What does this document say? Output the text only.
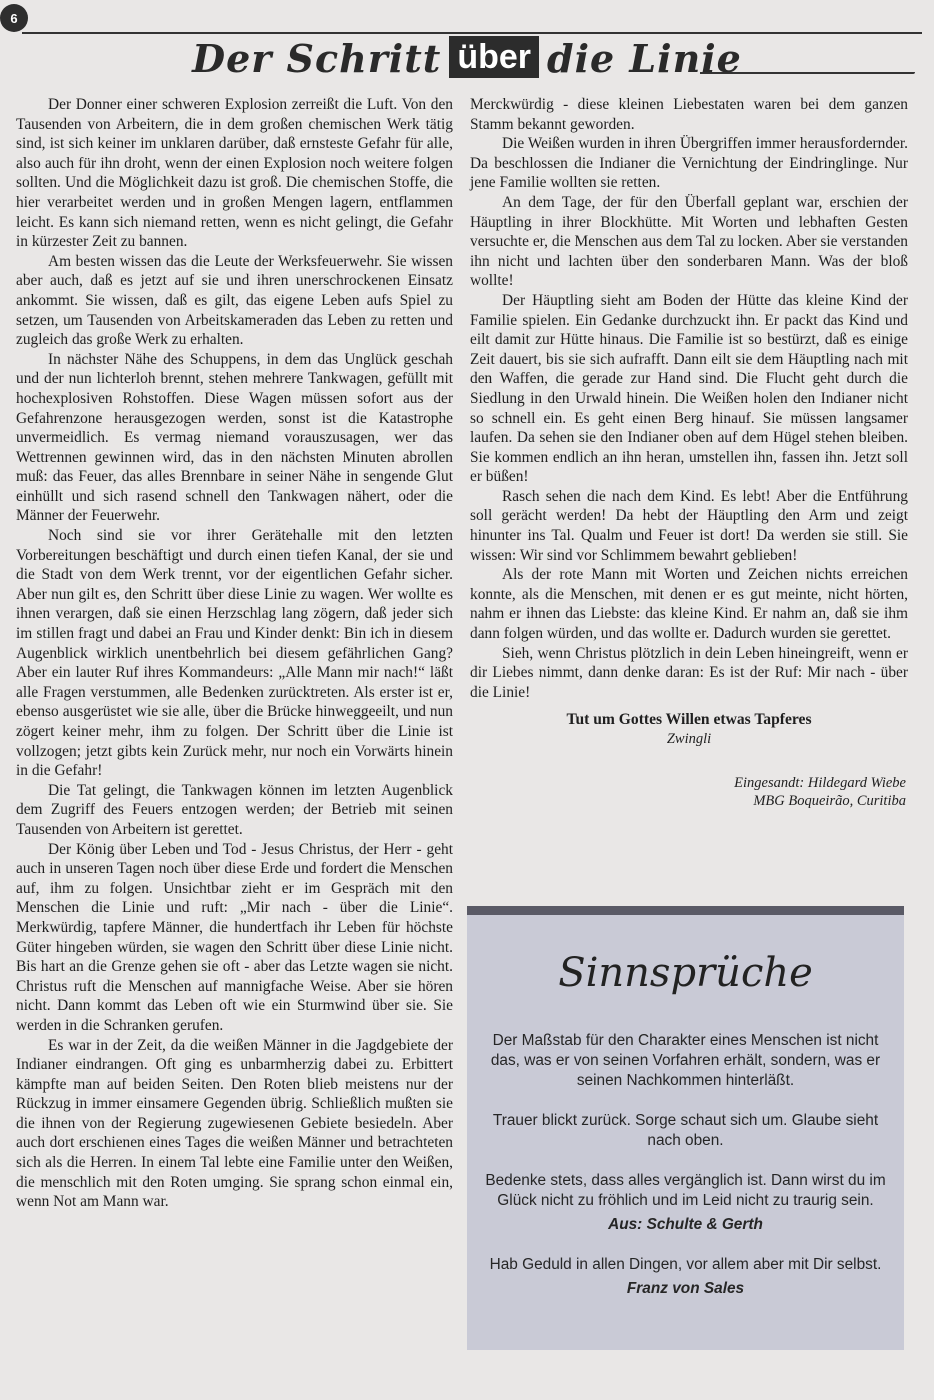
6
Der Schritt über die Linie

Der Donner einer schweren Explosion zerreißt die Luft. Von den Tausenden von Arbeitern, die in dem großen chemischen Werk tätig sind, ist sich keiner im unklaren darüber, daß ernsteste Gefahr für alle, also auch für ihn droht, wenn der einen Explosion noch weitere folgen sollten. Und die Möglichkeit dazu ist groß. Die chemischen Stoffe, die hier verarbeitet werden und in großen Mengen lagern, entflammen leicht. Es kann sich niemand retten, wenn es nicht gelingt, die Gefahr in kürzester Zeit zu bannen.

Am besten wissen das die Leute der Werksfeuerwehr. Sie wissen aber auch, daß es jetzt auf sie und ihren unerschrockenen Einsatz ankommt. Sie wissen, daß es gilt, das eigene Leben aufs Spiel zu setzen, um Tausenden von Arbeitskameraden das Leben zu retten und zugleich das große Werk zu erhalten.

In nächster Nähe des Schuppens, in dem das Unglück geschah und der nun lichterloh brennt, stehen mehrere Tankwagen, gefüllt mit hochexplosiven Rohstoffen. Diese Wagen müssen sofort aus der Gefahrenzone herausgezogen werden, sonst ist die Katastrophe unvermeidlich. Es vermag niemand vorauszusagen, wer das Wettrennen gewinnen wird, das in den nächsten Minuten abrollen muß: das Feuer, das alles Brennbare in seiner Nähe in sengende Glut einhüllt und sich rasend schnell den Tankwagen nähert, oder die Männer der Feuerwehr.

Noch sind sie vor ihrer Gerätehalle mit den letzten Vorbereitungen beschäftigt und durch einen tiefen Kanal, der sie und die Stadt von dem Werk trennt, vor der eigentlichen Gefahr sicher. Aber nun gilt es, den Schritt über diese Linie zu wagen. Wer wollte es ihnen verargen, daß sie einen Herzschlag lang zögern, daß jeder sich im stillen fragt und dabei an Frau und Kinder denkt: Bin ich in diesem Augenblick wirklich unentbehrlich bei diesem gefährlichen Gang? Aber ein lauter Ruf ihres Kommandeurs: „Alle Mann mir nach!“ läßt alle Fragen verstummen, alle Bedenken zurücktreten. Als erster ist er, ebenso ausgerüstet wie sie alle, über die Brücke hinweggeeilt, und nun zögert keiner mehr, ihm zu folgen. Der Schritt über die Linie ist vollzogen; jetzt gibts kein Zurück mehr, nur noch ein Vorwärts hinein in die Gefahr!

Die Tat gelingt, die Tankwagen können im letzten Augenblick dem Zugriff des Feuers entzogen werden; der Betrieb mit seinen Tausenden von Arbeitern ist gerettet.

Der König über Leben und Tod - Jesus Christus, der Herr - geht auch in unseren Tagen noch über diese Erde und fordert die Menschen auf, ihm zu folgen. Unsichtbar zieht er im Gespräch mit den Menschen die Linie und ruft: „Mir nach - über die Linie“. Merkwürdig, tapfere Männer, die hundertfach ihr Leben für höchste Güter hingeben würden, sie wagen den Schritt über diese Linie nicht. Bis hart an die Grenze gehen sie oft - aber das Letzte wagen sie nicht. Christus ruft die Menschen auf mannigfache Weise. Aber sie hören nicht. Dann kommt das Leben oft wie ein Sturmwind über sie. Sie werden in die Schranken gerufen.

Es war in der Zeit, da die weißen Männer in die Jagdgebiete der Indianer eindrangen. Oft ging es unbarmherzig dabei zu. Erbittert kämpfte man auf beiden Seiten. Den Roten blieb meistens nur der Rückzug in immer einsamere Gegenden übrig. Schließlich mußten sie die ihnen von der Regierung zugewiesenen Gebiete besiedeln. Aber auch dort erschienen eines Tages die weißen Männer und betrachteten sich als die Herren. In einem Tal lebte eine Familie unter den Weißen, die menschlich mit den Roten umging. Sie sprang schon einmal ein, wenn Not am Mann war.

Merckwürdig - diese kleinen Liebestaten waren bei dem ganzen Stamm bekannt geworden.

Die Weißen wurden in ihren Übergriffen immer herausfordernder. Da beschlossen die Indianer die Vernichtung der Eindringlinge. Nur jene Familie wollten sie retten.

An dem Tage, der für den Überfall geplant war, erschien der Häuptling in ihrer Blockhütte. Mit Worten und lebhaften Gesten versuchte er, die Menschen aus dem Tal zu locken. Aber sie verstanden ihn nicht und lachten über den sonderbaren Mann. Was der bloß wollte!

Der Häuptling sieht am Boden der Hütte das kleine Kind der Familie spielen. Ein Gedanke durchzuckt ihn. Er packt das Kind und eilt damit zur Hütte hinaus. Die Familie ist so bestürzt, daß es einige Zeit dauert, bis sie sich aufrafft. Dann eilt sie dem Häuptling nach mit den Waffen, die gerade zur Hand sind. Die Flucht geht durch die Siedlung in den Urwald hinein. Die Weißen holen den Indianer nicht so schnell ein. Es geht einen Berg hinauf. Sie müssen langsamer laufen. Da sehen sie den Indianer oben auf dem Hügel stehen bleiben. Sie kommen endlich an ihn heran, umstellen ihn, fassen ihn. Jetzt soll er büßen!

Rasch sehen die nach dem Kind. Es lebt! Aber die Entführung soll gerächt werden! Da hebt der Häuptling den Arm und zeigt hinunter ins Tal. Qualm und Feuer ist dort! Da werden sie still. Sie wissen: Wir sind vor Schlimmem bewahrt geblieben!

Als der rote Mann mit Worten und Zeichen nichts erreichen konnte, als die Menschen, mit denen er es gut meinte, nicht hörten, nahm er ihnen das Liebste: das kleine Kind. Er nahm an, daß sie ihm dann folgen würden, und das wollte er. Dadurch wurden sie gerettet.

Sieh, wenn Christus plötzlich in dein Leben hineingreift, wenn er dir Liebes nimmt, dann denke daran: Es ist der Ruf: Mir nach - über die Linie!

Tut um Gottes Willen etwas Tapferes
Zwingli
Eingesandt: Hildegard Wiebe
MBG Boqueirão, Curitiba
Sinnsprüche
Der Maßstab für den Charakter eines Menschen ist nicht das, was er von seinen Vorfahren erhält, sondern, was er seinen Nachkommen hinterläßt.
Trauer blickt zurück. Sorge schaut sich um. Glaube sieht nach oben.
Bedenke stets, dass alles vergänglich ist. Dann wirst du im Glück nicht zu fröhlich und im Leid nicht zu traurig sein.
Aus: Schulte & Gerth
Hab Geduld in allen Dingen, vor allem aber mit Dir selbst.
Franz von Sales
